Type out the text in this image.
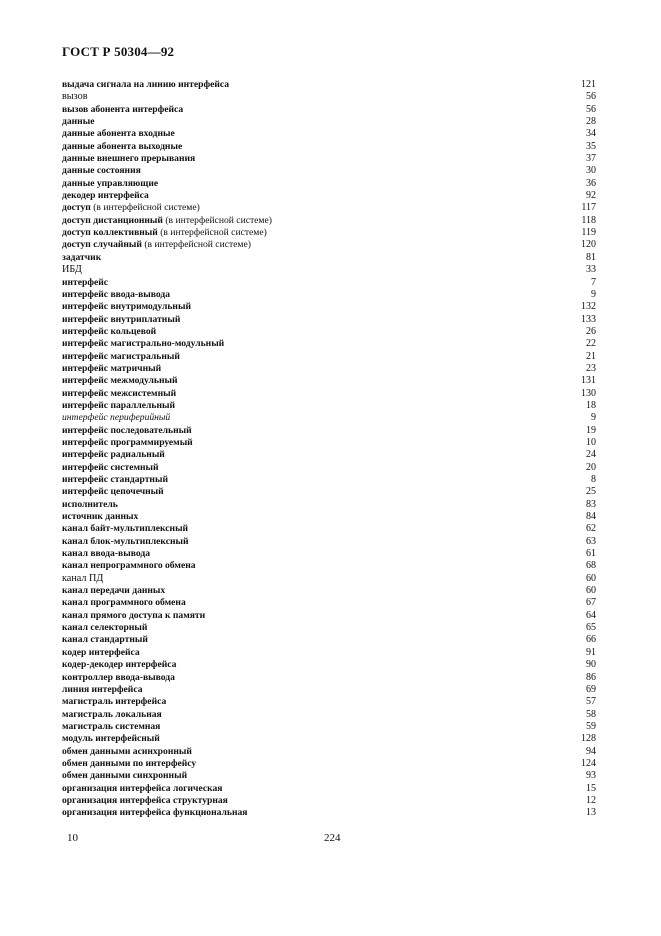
ГОСТ Р 50304—92
выдача сигнала на линию интерфейса	121
вызов	56
вызов абонента интерфейса	56
данные	28
данные абонента входные	34
данные абонента выходные	35
данные внешнего прерывания	37
данные состояния	30
данные управляющие	36
декодер интерфейса	92
доступ (в интерфейсной системе)	117
доступ дистанционный (в интерфейсной системе)	118
доступ коллективный (в интерфейсной системе)	119
доступ случайный (в интерфейсной системе)	120
задатчик	81
ИБД	33
интерфейс	7
интерфейс ввода-вывода	9
интерфейс внутримодульный	132
интерфейс внутриплатный	133
интерфейс кольцевой	26
интерфейс магистрально-модульный	22
интерфейс магистральный	21
интерфейс матричный	23
интерфейс межмодульный	131
интерфейс межсистемный	130
интерфейс параллельный	18
интерфейс периферийный	9
интерфейс последовательный	19
интерфейс программируемый	10
интерфейс радиальный	24
интерфейс системный	20
интерфейс стандартный	8
интерфейс цепочечный	25
исполнитель	83
источник данных	84
канал байт-мультиплексный	62
канал блок-мультиплексный	63
канал ввода-вывода	61
канал непрограммного обмена	68
канал ПД	60
канал передачи данных	60
канал программного обмена	67
канал прямого доступа к памяти	64
канал селекторный	65
канал стандартный	66
кодер интерфейса	91
кодер-декодер интерфейса	90
контроллер ввода-вывода	86
линия интерфейса	69
магистраль интерфейса	57
магистраль локальная	58
магистраль системная	59
модуль интерфейсный	128
обмен данными асинхронный	94
обмен данными по интерфейсу	124
обмен данными синхронный	93
организация интерфейса логическая	15
организация интерфейса структурная	12
организация интерфейса функциональная	13
10	224
